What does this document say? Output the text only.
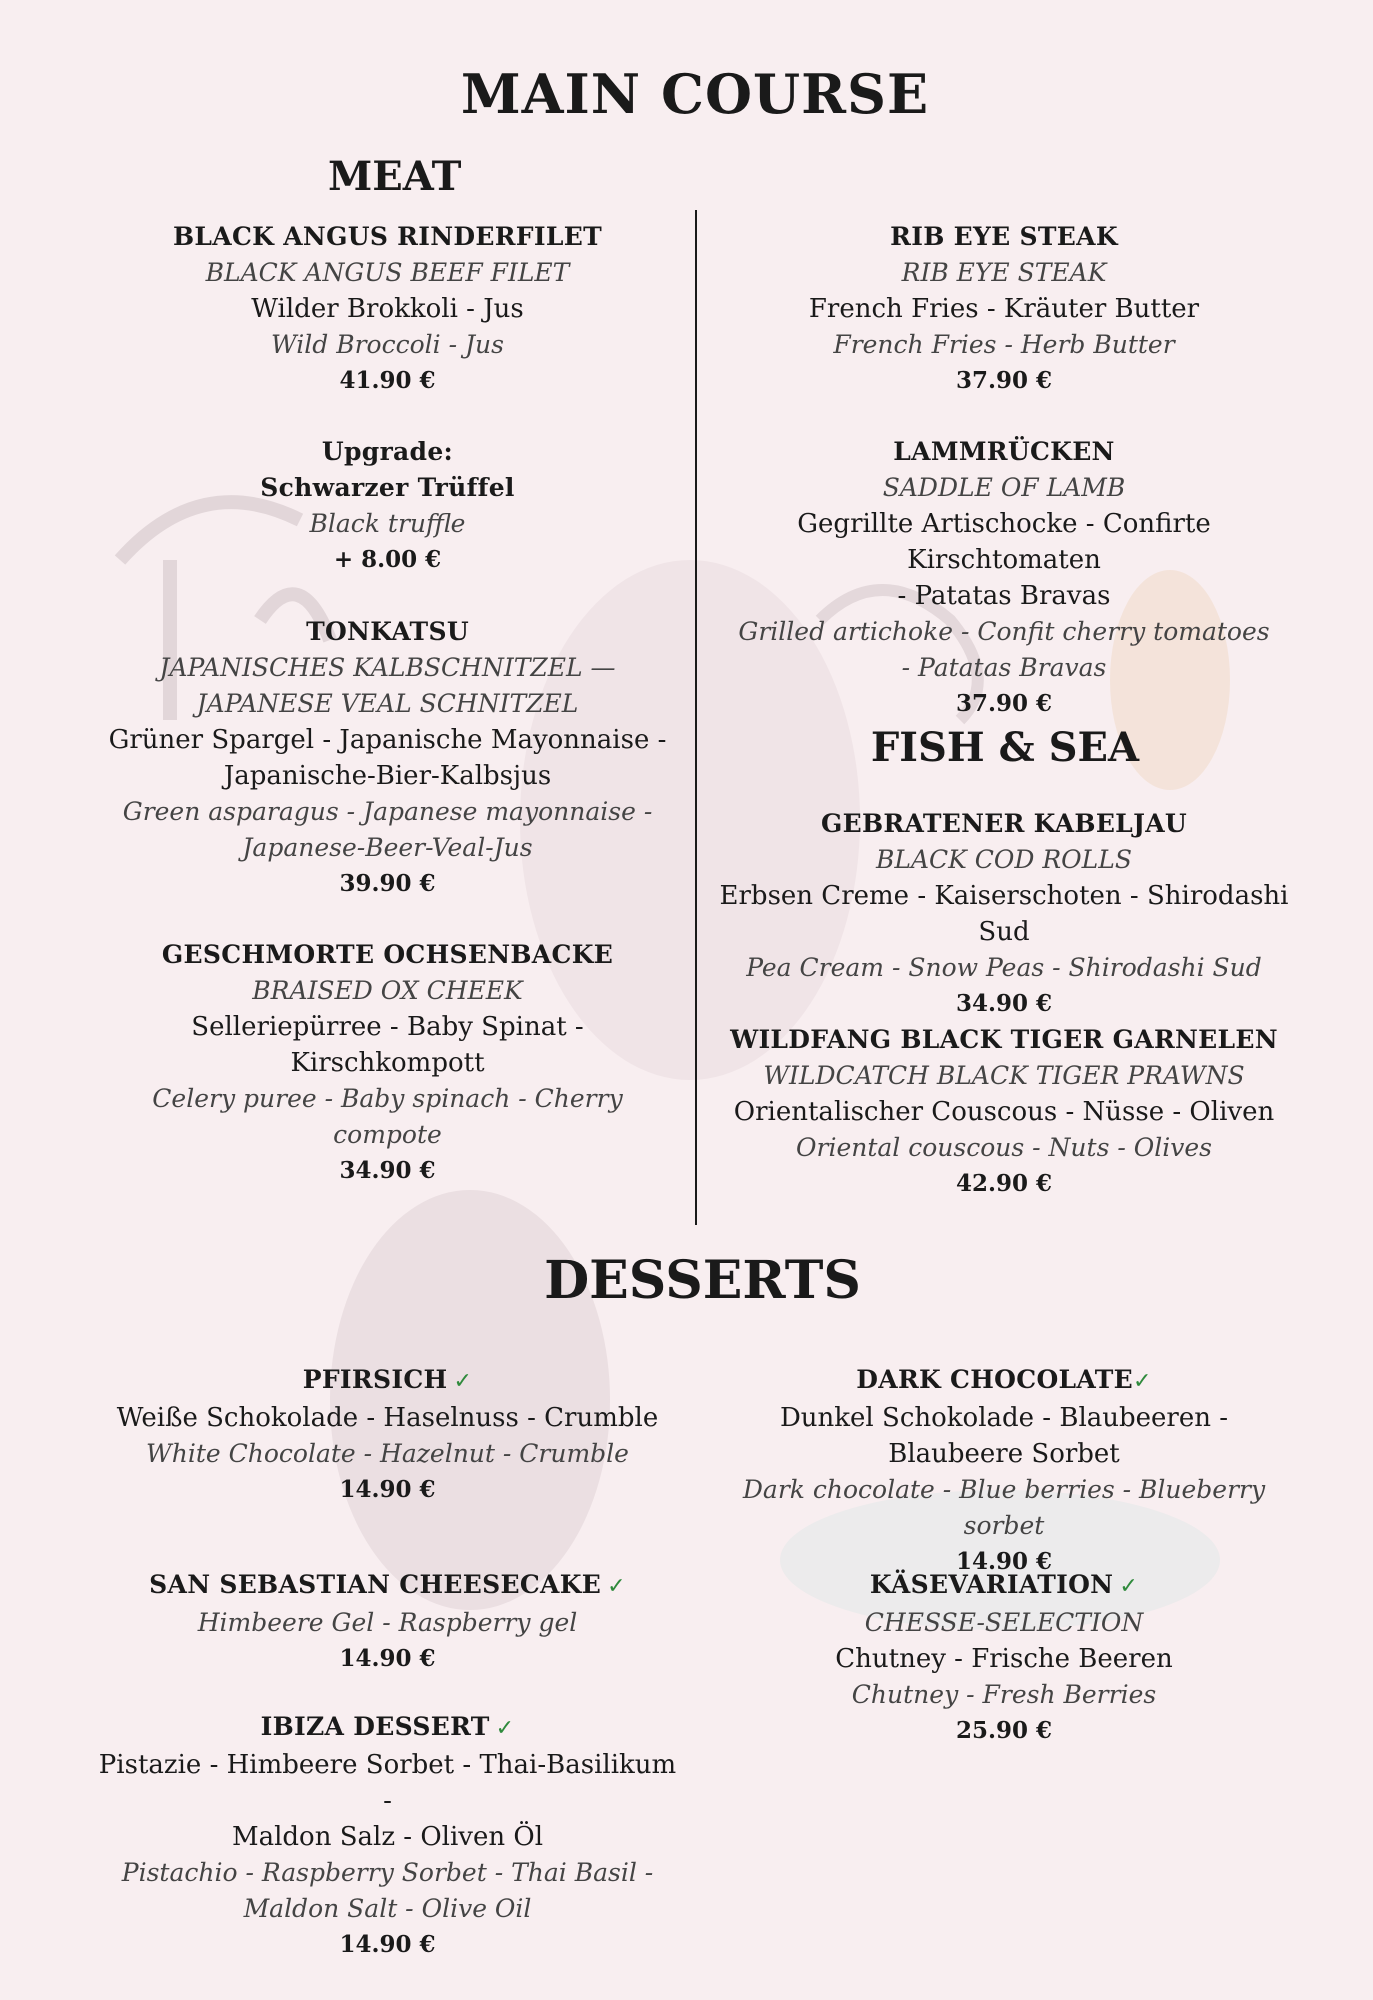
MAIN COURSE
MEAT
BLACK ANGUS RINDERFILET
BLACK ANGUS BEEF FILET
Wilder Brokkoli - Jus
Wild Broccoli - Jus
41.90 €
Upgrade:
Schwarzer Trüffel
Black truffle
+ 8.00 €
TONKATSU
JAPANISCHES KALBSCHNITZEL —
JAPANESE VEAL SCHNITZEL
Grüner Spargel - Japanische Mayonnaise -
Japanische-Bier-Kalbsjus
Green asparagus - Japanese mayonnaise -
Japanese-Beer-Veal-Jus
39.90 €
GESCHMORTE OCHSENBACKE
BRAISED OX CHEEK
Selleriepürree - Baby Spinat - Kirschkompott
Celery puree - Baby spinach - Cherry compote
34.90 €
RIB EYE STEAK
RIB EYE STEAK
French Fries - Kräuter Butter
French Fries - Herb Butter
37.90 €
LAMMRÜCKEN
SADDLE OF LAMB
Gegrillte Artischocke - Confirte Kirschtomaten
- Patatas Bravas
Grilled artichoke - Confit cherry tomatoes
- Patatas Bravas
37.90 €
FISH & SEA
GEBRATENER KABELJAU
BLACK COD ROLLS
Erbsen Creme - Kaiserschoten - Shirodashi Sud
Pea Cream - Snow Peas - Shirodashi Sud
34.90 €
WILDFANG BLACK TIGER GARNELEN
WILDCATCH BLACK TIGER PRAWNS
Orientalischer Couscous - Nüsse - Oliven
Oriental couscous - Nuts - Olives
42.90 €
DESSERTS
PFIRSICH ✓
Weiße Schokolade - Haselnuss - Crumble
White Chocolate - Hazelnut - Crumble
14.90 €
SAN SEBASTIAN CHEESECAKE ✓
Himbeere Gel - Raspberry gel
14.90 €
IBIZA DESSERT ✓
Pistazie - Himbeere Sorbet - Thai-Basilikum -
Maldon Salz - Oliven Öl
Pistachio - Raspberry Sorbet - Thai Basil -
Maldon Salt - Olive Oil
14.90 €
DARK CHOCOLATE✓
Dunkel Schokolade - Blaubeeren -
Blaubeere Sorbet
Dark chocolate - Blue berries - Blueberry sorbet
14.90 €
KÄSEVARIATION ✓
CHESSE-SELECTION
Chutney - Frische Beeren
Chutney - Fresh Berries
25.90 €
